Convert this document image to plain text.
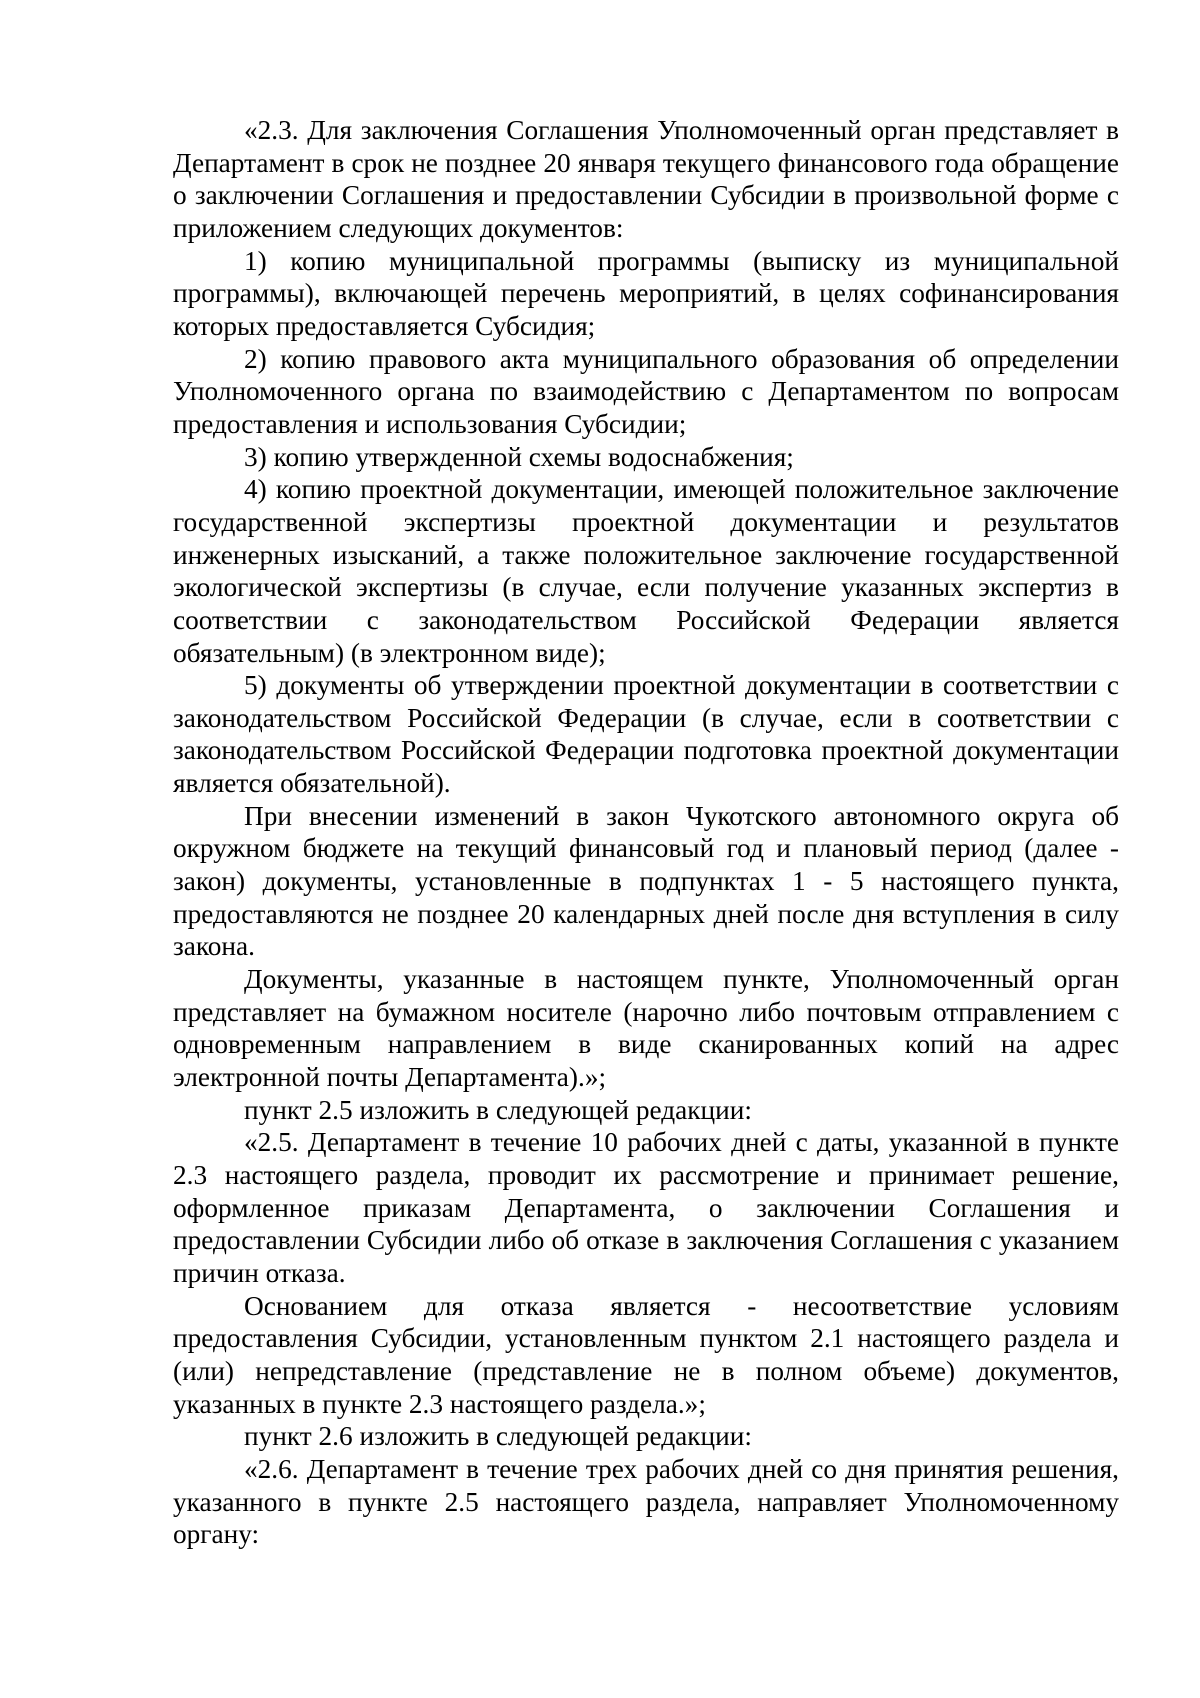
«2.3. Для заключения Соглашения Уполномоченный орган представляет в Департамент в срок не позднее 20 января текущего финансового года обращение о заключении Соглашения и предоставлении Субсидии в произвольной форме с приложением следующих документов:

1) копию муниципальной программы (выписку из муниципальной программы), включающей перечень мероприятий, в целях софинансирования которых предоставляется Субсидия;

2) копию правового акта муниципального образования об определении Уполномоченного органа по взаимодействию с Департаментом по вопросам предоставления и использования Субсидии;

3) копию утвержденной схемы водоснабжения;

4) копию проектной документации, имеющей положительное заключение государственной экспертизы проектной документации и результатов инженерных изысканий, а также положительное заключение государственной экологической экспертизы (в случае, если получение указанных экспертиз в соответствии с законодательством Российской Федерации является обязательным) (в электронном виде);

5) документы об утверждении проектной документации в соответствии с законодательством Российской Федерации (в случае, если в соответствии с законодательством Российской Федерации подготовка проектной документации является обязательной).

При внесении изменений в закон Чукотского автономного округа об окружном бюджете на текущий финансовый год и плановый период (далее - закон) документы, установленные в подпунктах 1 - 5 настоящего пункта, предоставляются не позднее 20 календарных дней после дня вступления в силу закона.

Документы, указанные в настоящем пункте, Уполномоченный орган представляет на бумажном носителе (нарочно либо почтовым отправлением с одновременным направлением в виде сканированных копий на адрес электронной почты Департамента).»;

пункт 2.5 изложить в следующей редакции:

«2.5. Департамент в течение 10 рабочих дней с даты, указанной в пункте 2.3 настоящего раздела, проводит их рассмотрение и принимает решение, оформленное приказам Департамента, о заключении Соглашения и предоставлении Субсидии либо об отказе в заключения Соглашения с указанием причин отказа.

Основанием для отказа является - несоответствие условиям предоставления Субсидии, установленным пунктом 2.1 настоящего раздела и (или) непредставление (представление не в полном объеме) документов, указанных в пункте 2.3 настоящего раздела.»;

пункт 2.6 изложить в следующей редакции:

«2.6. Департамент в течение трех рабочих дней со дня принятия решения, указанного в пункте 2.5 настоящего раздела, направляет Уполномоченному органу:
